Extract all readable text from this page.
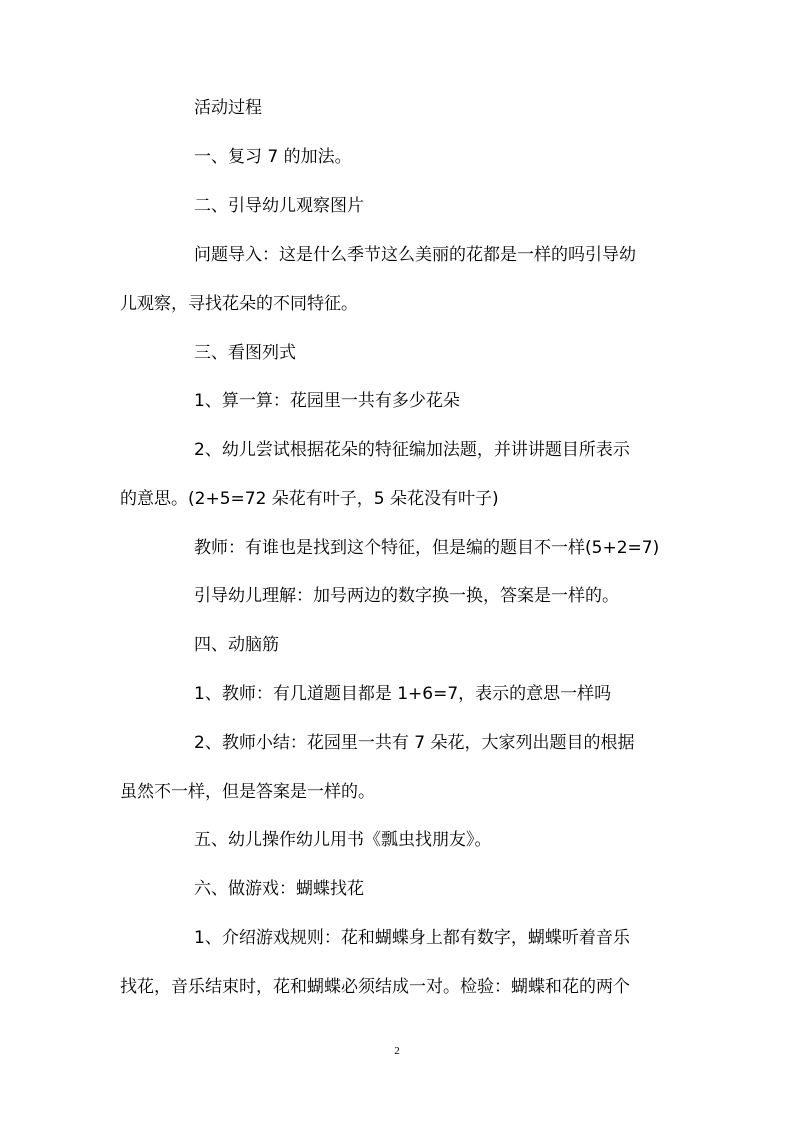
活动过程
一、复习 7 的加法。
二、引导幼儿观察图片
问题导入：这是什么季节这么美丽的花都是一样的吗引导幼
儿观察，寻找花朵的不同特征。
三、看图列式
1、算一算：花园里一共有多少花朵
2、幼儿尝试根据花朵的特征编加法题，并讲讲题目所表示
的意思。(2+5=72 朵花有叶子，5 朵花没有叶子)
教师：有谁也是找到这个特征，但是编的题目不一样(5+2=7)
引导幼儿理解：加号两边的数字换一换，答案是一样的。
四、动脑筋
1、教师：有几道题目都是 1+6=7，表示的意思一样吗
2、教师小结：花园里一共有 7 朵花，大家列出题目的根据
虽然不一样，但是答案是一样的。
五、幼儿操作幼儿用书《瓢虫找朋友》。
六、做游戏：蝴蝶找花
1、介绍游戏规则：花和蝴蝶身上都有数字，蝴蝶听着音乐
找花，音乐结束时，花和蝴蝶必须结成一对。检验：蝴蝶和花的两个
2
